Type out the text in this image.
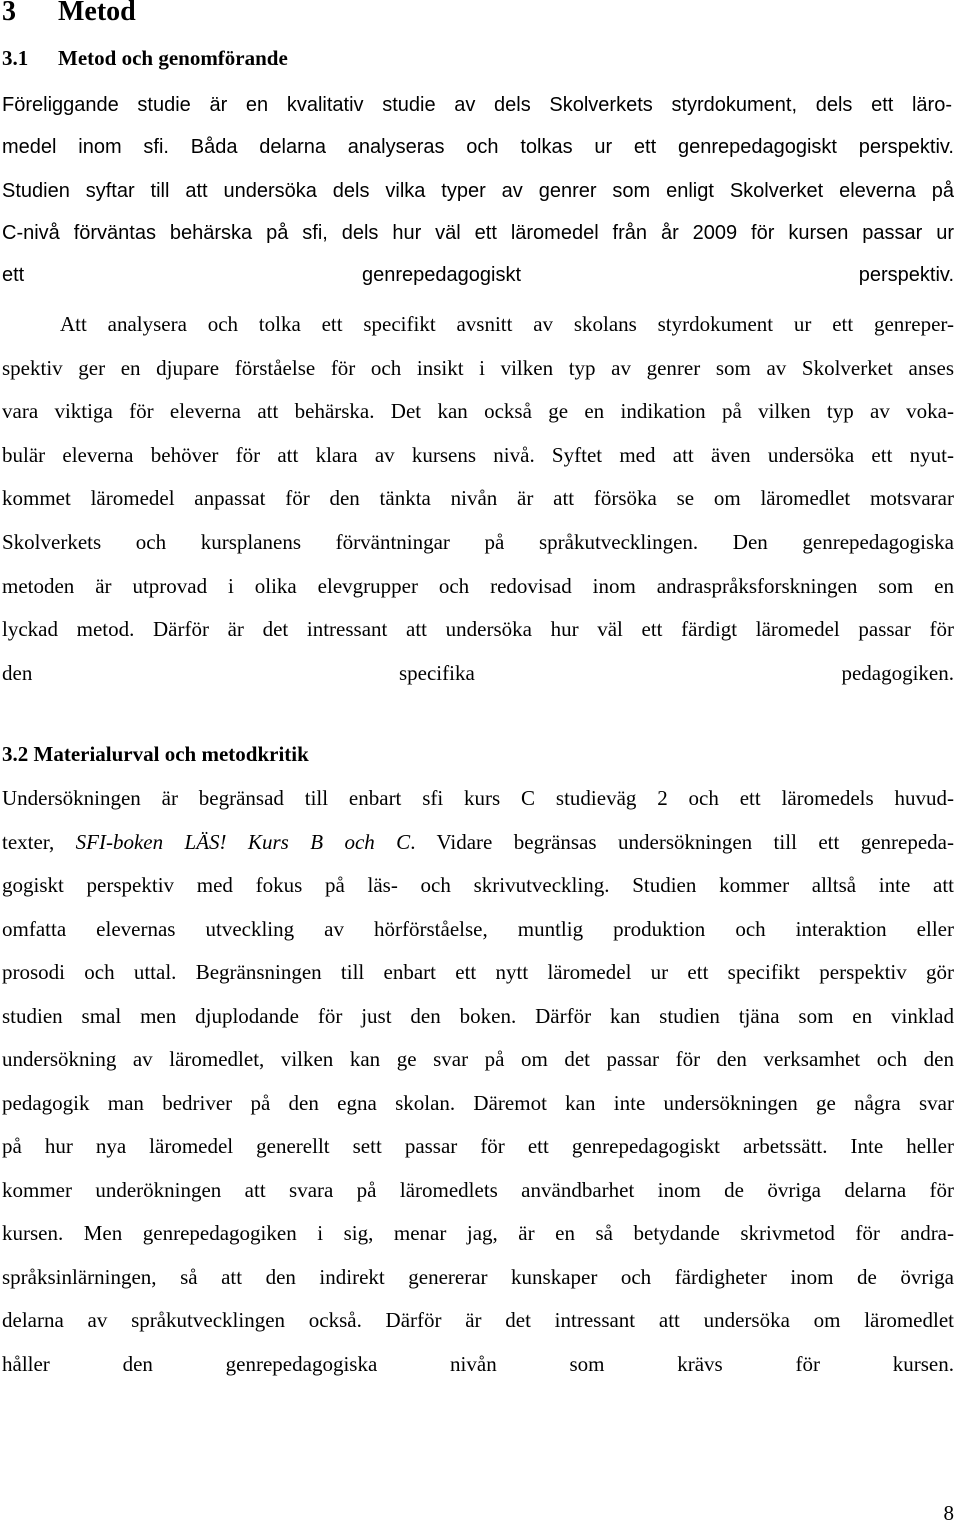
3 Metod
3.1 Metod och genomförande
Föreliggande studie är en kvalitativ studie av dels Skolverkets styrdokument, dels ett läro-
medel inom sfi. Båda delarna analyseras och tolkas ur ett genrepedagogiskt perspektiv.
Studien syftar till att undersöka dels vilka typer av genrer som enligt Skolverket eleverna på
C-nivå förväntas behärska på sfi, dels hur väl ett läromedel från år 2009 för kursen passar ur
ett genrepedagogiskt perspektiv.
Att analysera och tolka ett specifikt avsnitt av skolans styrdokument ur ett genreper-
spektiv ger en djupare förståelse för och insikt i vilken typ av genrer som av Skolverket anses
vara viktiga för eleverna att behärska. Det kan också ge en indikation på vilken typ av voka-
bulär eleverna behöver för att klara av kursens nivå. Syftet med att även undersöka ett nyut-
kommet läromedel anpassat för den tänkta nivån är att försöka se om läromedlet motsvarar
Skolverkets och kursplanens förväntningar på språkutvecklingen. Den genrepedagogiska
metoden är utprovad i olika elevgrupper och redovisad inom andraspråksforskningen som en
lyckad metod. Därför är det intressant att undersöka hur väl ett färdigt läromedel passar för
den specifika pedagogiken.
3.2 Materialurval och metodkritik
Undersökningen är begränsad till enbart sfi kurs C studieväg 2 och ett läromedels huvud-
texter, SFI-boken LÄS! Kurs B och C. Vidare begränsas undersökningen till ett genrepeda-
gogiskt perspektiv med fokus på läs- och skrivutveckling. Studien kommer alltså inte att
omfatta elevernas utveckling av hörförståelse, muntlig produktion och interaktion eller
prosodi och uttal. Begränsningen till enbart ett nytt läromedel ur ett specifikt perspektiv gör
studien smal men djuplodande för just den boken. Därför kan studien tjäna som en vinklad
undersökning av läromedlet, vilken kan ge svar på om det passar för den verksamhet och den
pedagogik man bedriver på den egna skolan. Däremot kan inte undersökningen ge några svar
på hur nya läromedel generellt sett passar för ett genrepedagogiskt arbetssätt. Inte heller
kommer underökningen att svara på läromedlets användbarhet inom de övriga delarna för
kursen. Men genrepedagogiken i sig, menar jag, är en så betydande skrivmetod för andra-
språksinlärningen, så att den indirekt genererar kunskaper och färdigheter inom de övriga
delarna av språkutvecklingen också. Därför är det intressant att undersöka om läromedlet
håller den genrepedagogiska nivån som krävs för kursen.
8
